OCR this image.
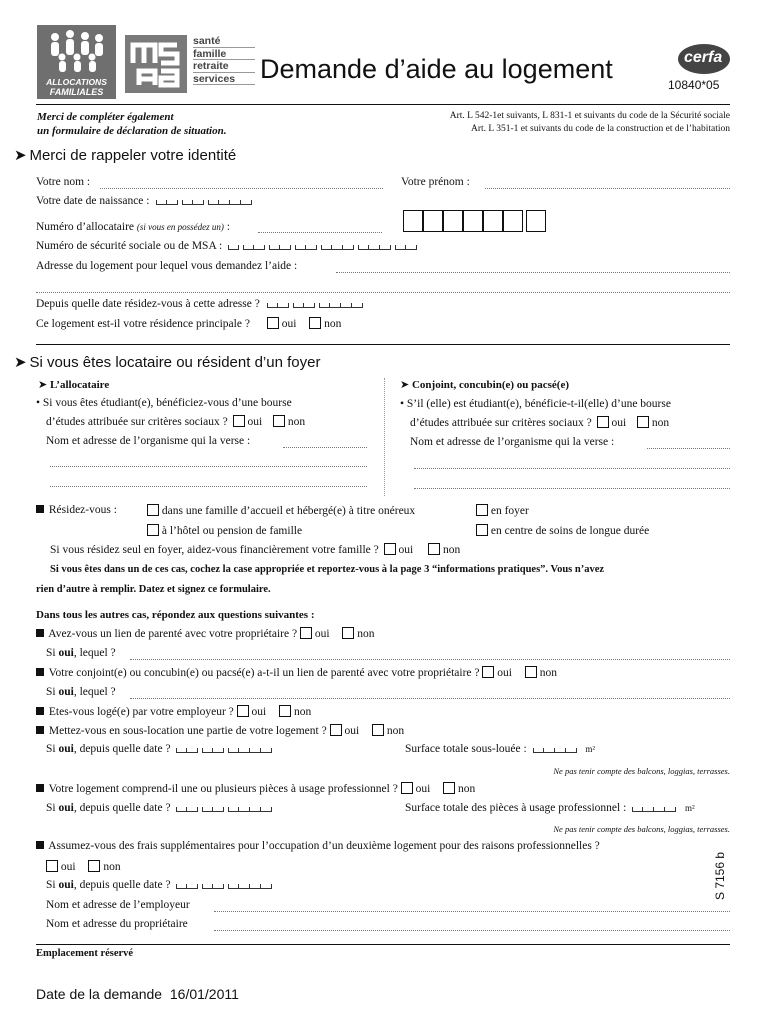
ALLOCATIONS
FAMILIALES
santé
famille
retraite
services Demande d’aide au logement	cerfa
10840*05
Merci de compléter également
un formulaire de déclaration de situation.
Art. L 542-1et suivants, L 831-1 et suivants du code de la Sécurité sociale
Art. L 351-1 et suivants du code de la construction et de l’habitation
➤ Merci de rappeler votre identité
Votre nom :	Votre prénom :
Votre date de naissance :
Numéro d’allocataire (si vous en possédez un) :
Numéro de sécurité sociale ou de MSA :
Adresse du logement pour lequel vous demandez l’aide :
Depuis quelle date résidez-vous à cette adresse ?
Ce logement est-il votre résidence principale ?	oui non
➤ Si vous êtes locataire ou résident d’un foyer
➤ L’allocataire
• Si vous êtes étudiant(e), bénéficiez-vous d’une bourse
d’études attribuée sur critères sociaux ? oui non
Nom et adresse de l’organisme qui la verse :
➤ Conjoint, concubin(e) ou pacsé(e)
• S’il (elle) est étudiant(e), bénéficie-t-il(elle) d’une bourse
d’études attribuée sur critères sociaux ? oui non
Nom et adresse de l’organisme qui la verse :
Résidez-vous :	dans une famille d’accueil et hébergé(e) à titre onéreux	en foyer
à l’hôtel ou pension de famille	en centre de soins de longue durée
Si vous résidez seul en foyer, aidez-vous financièrement votre famille ? oui	non
Si vous êtes dans un de ces cas, cochez la case appropriée et reportez-vous à la page 3 “informations pratiques”. Vous n’avez
rien d’autre à remplir. Datez et signez ce formulaire.
Dans tous les autres cas, répondez aux questions suivantes :
Avez-vous un lien de parenté avec votre propriétaire ? oui non
Si oui, lequel ?
Votre conjoint(e) ou concubin(e) ou pacsé(e) a-t-il un lien de parenté avec votre propriétaire ? oui non
Si oui, lequel ?
Etes-vous logé(e) par votre employeur ? oui non
Mettez-vous en sous-location une partie de votre logement ? oui non
Si oui, depuis quelle date ?	Surface totale sous-louée :	m²
Ne pas tenir compte des balcons, loggias, terrasses.
Votre logement comprend-il une ou plusieurs pièces à usage professionnel ? oui non
Si oui, depuis quelle date ?	Surface totale des pièces à usage professionnel :	m²
Ne pas tenir compte des balcons, loggias, terrasses.
Assumez-vous des frais supplémentaires pour l’occupation d’un deuxième logement pour des raisons professionnelles ?
oui non
Si oui, depuis quelle date ?
Nom et adresse de l’employeur
Nom et adresse du propriétaire
S 7156 b
Emplacement réservé
Date de la demande  16/01/2011
